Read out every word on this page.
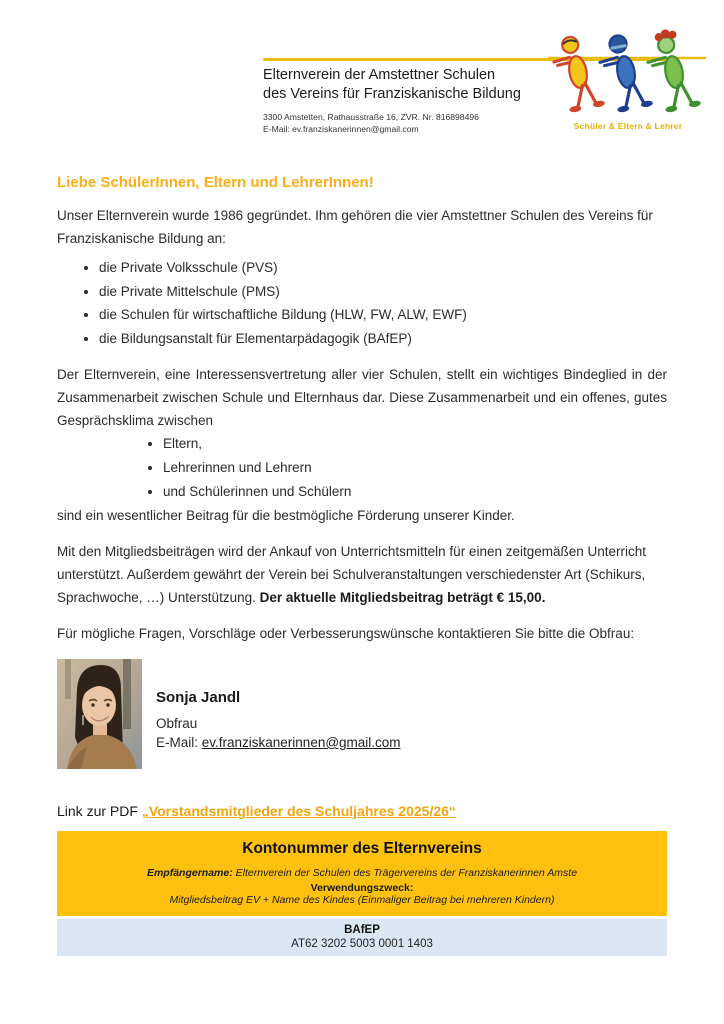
Elternverein der Amstettner Schulen
des Vereins für Franziskanische Bildung
3300 Amstetten, Rathausstraße 16, ZVR. Nr. 816898496
E-Mail: ev.franziskanerinnen@gmail.com	Schüler & Eltern & Lehrer
Liebe SchülerInnen, Eltern und LehrerInnen!

Unser Elternverein wurde 1986 gegründet. Ihm gehören die vier Amstettner Schulen des Vereins für Franziskanische Bildung an:

• die Private Volksschule (PVS)
• die Private Mittelschule (PMS)
• die Schulen für wirtschaftliche Bildung (HLW, FW, ALW, EWF)
• die Bildungsanstalt für Elementarpädagogik (BAfEP)

Der Elternverein, eine Interessensvertretung aller vier Schulen, stellt ein wichtiges Bindeglied in der Zusammenarbeit zwischen Schule und Elternhaus dar. Diese Zusammenarbeit und ein offenes, gutes Gesprächsklima zwischen

• Eltern,
• Lehrerinnen und Lehrern
• und Schülerinnen und Schülern
sind ein wesentlicher Beitrag für die bestmögliche Förderung unserer Kinder.

Mit den Mitgliedsbeiträgen wird der Ankauf von Unterrichtsmitteln für einen zeitgemäßen Unterricht unterstützt. Außerdem gewährt der Verein bei Schulveranstaltungen verschiedenster Art (Schikurs, Sprachwoche, …) Unterstützung. Der aktuelle Mitgliedsbeitrag beträgt € 15,00.

Für mögliche Fragen, Vorschläge oder Verbesserungswünsche kontaktieren Sie bitte die Obfrau:

Sonja Jandl
Obfrau
E-Mail: ev.franziskanerinnen@gmail.com
Link zur PDF „Vorstandsmitglieder des Schuljahres 2025/26“
Kontonummer des Elternvereins
Empfängername: Elternverein der Schulen des Trägervereins der Franziskanerinnen Amste
Verwendungszweck:
Mitgliedsbeitrag EV + Name des Kindes (Einmaliger Beitrag bei mehreren Kindern)
BAfEP
AT62 3202 5003 0001 1403
